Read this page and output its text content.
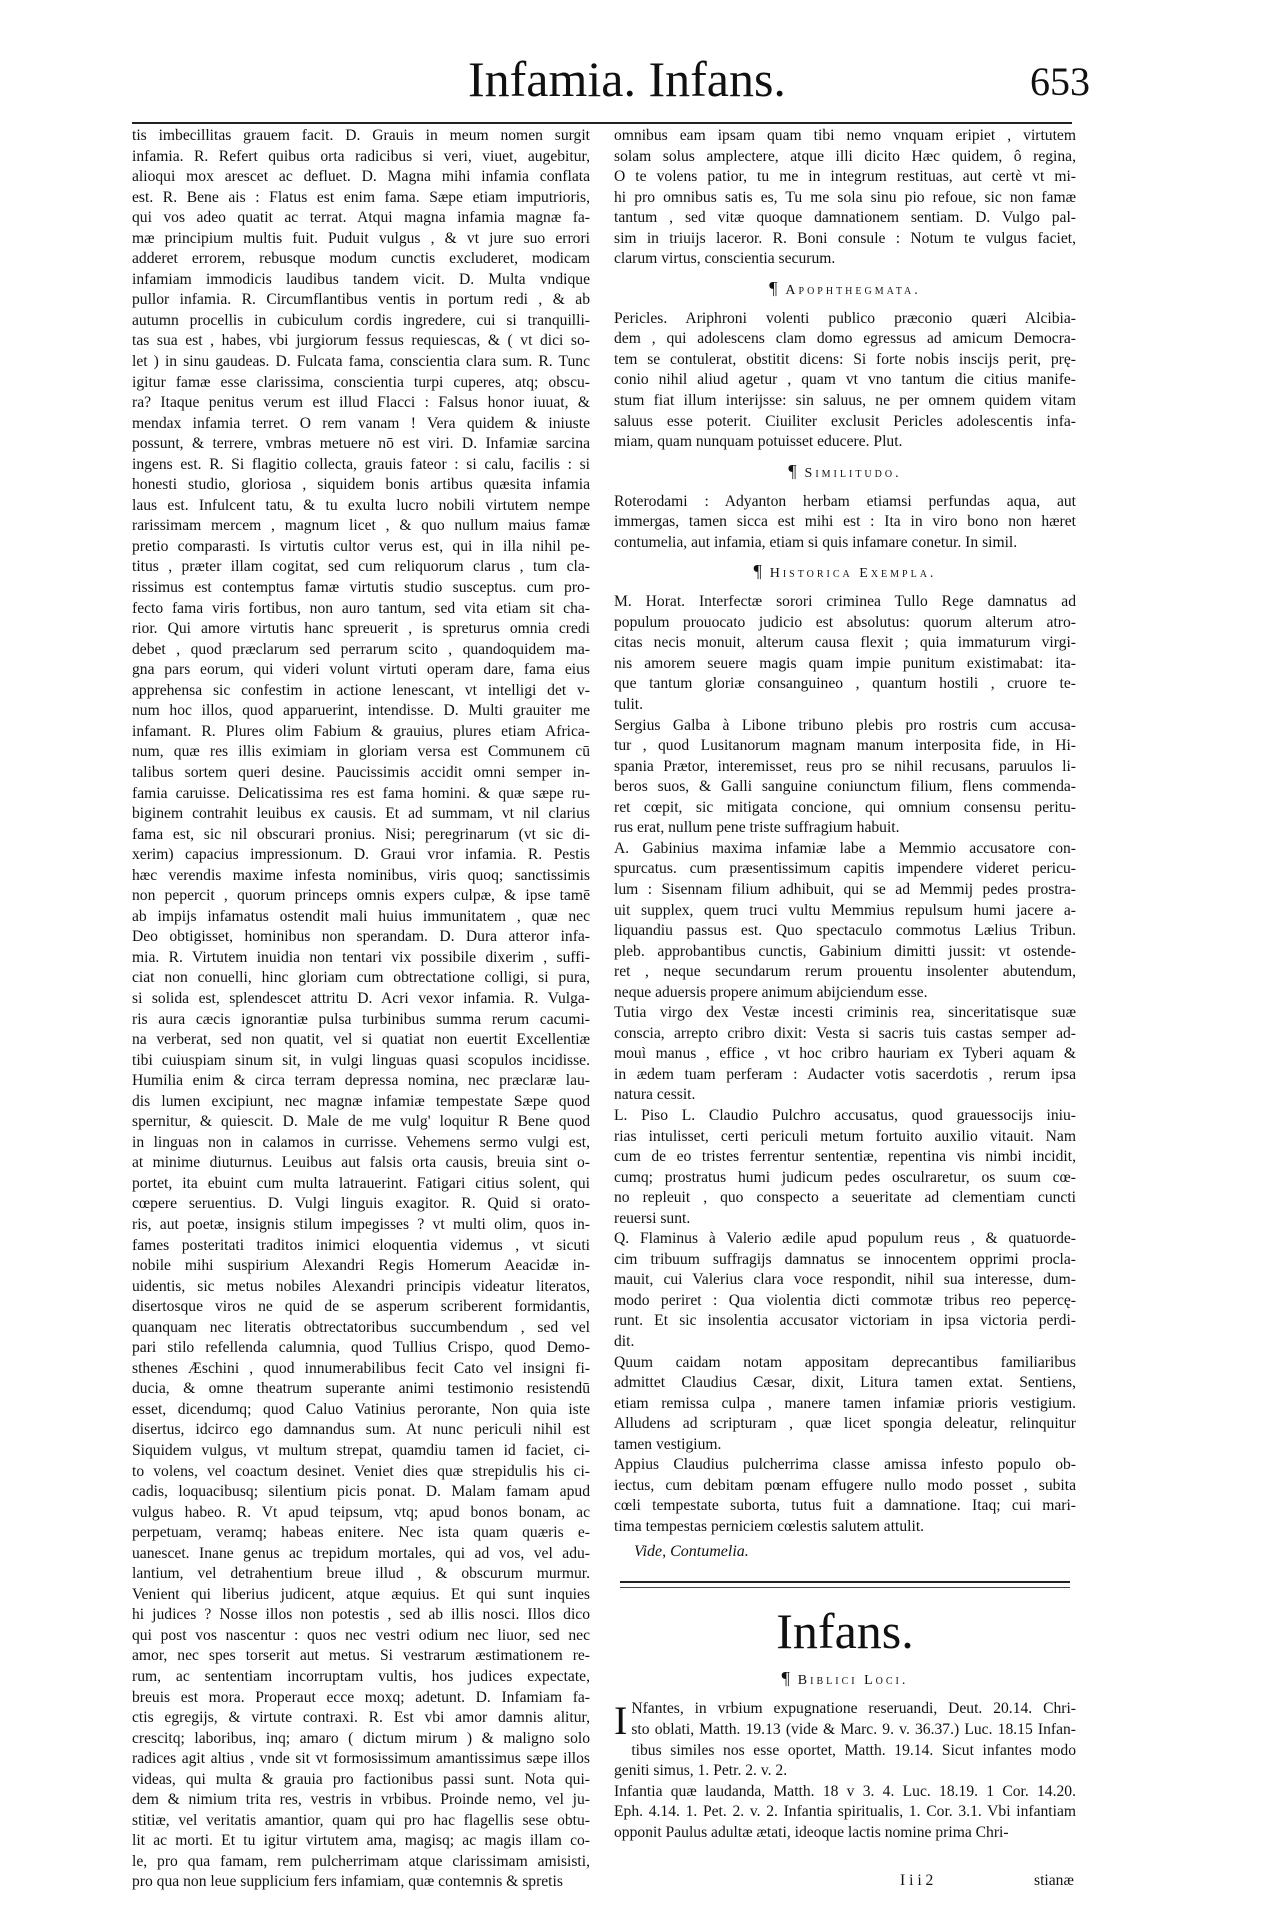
Infamia. Infans.	653
tis imbecillitas grauem facit. D. Grauis in meum nomen surgit
infamia. R. Refert quibus orta radicibus si veri, viuet, augebitur,
alioqui mox arescet ac defluet. D. Magna mihi infamia conflata
est. R. Bene ais : Flatus est enim fama. Sæpe etiam imputrioris,
qui vos adeo quatit ac terrat. Atqui magna infamia magnæ fa-
mæ principium multis fuit. Puduit vulgus , & vt jure suo errori
adderet errorem, rebusque modum cunctis excluderet, modicam
infamiam immodicis laudibus tandem vicit. D. Multa vndique
pullor infamia. R. Circumflantibus ventis in portum redi , & ab
autumn procellis in cubiculum cordis ingredere, cui si tranquilli-
tas sua est , habes, vbi jurgiorum fessus requiescas, & ( vt dici so-
let ) in sinu gaudeas. D. Fulcata fama, conscientia clara sum. R. Tunc
igitur famæ esse clarissima, conscientia turpi cuperes, atq; obscu-
ra? Itaque penitus verum est illud Flacci : Falsus honor iuuat, &
mendax infamia terret. O rem vanam ! Vera quidem & iniuste
possunt, & terrere, vmbras metuere nō est viri. D. Infamiæ sarcina
ingens est. R. Si flagitio collecta, grauis fateor : si calu, facilis : si
honesti studio, gloriosa , siquidem bonis artibus quæsita infamia
laus est. Infulcent tatu, & tu exulta lucro nobili virtutem nempe
rarissimam mercem , magnum licet , & quo nullum maius famæ
pretio comparasti. Is virtutis cultor verus est, qui in illa nihil pe-
titus , præter illam cogitat, sed cum reliquorum clarus , tum cla-
rissimus est contemptus famæ virtutis studio susceptus. cum pro-
fecto fama viris fortibus, non auro tantum, sed vita etiam sit cha-
rior. Qui amore virtutis hanc spreuerit , is spreturus omnia credi
debet , quod præclarum sed perrarum scito , quandoquidem ma-
gna pars eorum, qui videri volunt virtuti operam dare, fama eius
apprehensa sic confestim in actione lenescant, vt intelligi det v-
num hoc illos, quod apparuerint, intendisse. D. Multi grauiter me
infamant. R. Plures olim Fabium & grauius, plures etiam Africa-
num, quæ res illis eximiam in gloriam versa est Communem cū
talibus sortem queri desine. Paucissimis accidit omni semper in-
famia caruisse. Delicatissima res est fama homini. & quæ sæpe ru-
biginem contrahit leuibus ex causis. Et ad summam, vt nil clarius
fama est, sic nil obscurari pronius. Nisi; peregrinarum (vt sic di-
xerim) capacius impressionum. D. Graui vror infamia. R. Pestis
hæc verendis maxime infesta nominibus, viris quoq; sanctissimis
non pepercit , quorum princeps omnis expers culpæ, & ipse tamē
ab impijs infamatus ostendit mali huius immunitatem , quæ nec
Deo obtigisset, hominibus non sperandam. D. Dura atteror infa-
mia. R. Virtutem inuidia non tentari vix possibile dixerim , suffi-
ciat non conuelli, hinc gloriam cum obtrectatione colligi, si pura,
si solida est, splendescet attritu D. Acri vexor infamia. R. Vulga-
ris aura cæcis ignorantiæ pulsa turbinibus summa rerum cacumi-
na verberat, sed non quatit, vel si quatiat non euertit Excellentiæ
tibi cuiuspiam sinum sit, in vulgi linguas quasi scopulos incidisse.
Humilia enim & circa terram depressa nomina, nec præclaræ lau-
dis lumen excipiunt, nec magnæ infamiæ tempestate Sæpe quod
spernitur, & quiescit. D. Male de me vulg' loquitur R Bene quod
in linguas non in calamos in currisse. Vehemens sermo vulgi est,
at minime diuturnus. Leuibus aut falsis orta causis, breuia sint o-
portet, ita ebuint cum multa latrauerint. Fatigari citius solent, qui
cœpere seruentius. D. Vulgi linguis exagitor. R. Quid si orato-
ris, aut poetæ, insignis stilum impegisses ? vt multi olim, quos in-
fames posteritati traditos inimici eloquentia videmus , vt sicuti
nobile mihi suspirium Alexandri Regis Homerum Aeacidæ in-
uidentis, sic metus nobiles Alexandri principis videatur literatos,
disertosque viros ne quid de se asperum scriberent formidantis,
quanquam nec literatis obtrectatoribus succumbendum , sed vel
pari stilo refellenda calumnia, quod Tullius Crispo, quod Demo-
sthenes Æschini , quod innumerabilibus fecit Cato vel insigni fi-
ducia, & omne theatrum superante animi testimonio resistendū
esset, dicendumq; quod Caluo Vatinius perorante, Non quia iste
disertus, idcirco ego damnandus sum. At nunc periculi nihil est
Siquidem vulgus, vt multum strepat, quamdiu tamen id faciet, ci-
to volens, vel coactum desinet. Veniet dies quæ strepidulis his ci-
cadis, loquacibusq; silentium picis ponat. D. Malam famam apud
vulgus habeo. R. Vt apud teipsum, vtq; apud bonos bonam, ac
perpetuam, veramq; habeas enitere. Nec ista quam quæris e-
uanescet. Inane genus ac trepidum mortales, qui ad vos, vel adu-
lantium, vel detrahentium breue illud , & obscurum murmur.
Venient qui liberius judicent, atque æquius. Et qui sunt inquies
hi judices ? Nosse illos non potestis , sed ab illis nosci. Illos dico
qui post vos nascentur : quos nec vestri odium nec liuor, sed nec
amor, nec spes torserit aut metus. Si vestrarum æstimationem re-
rum, ac sententiam incorruptam vultis, hos judices expectate,
breuis est mora. Properaut ecce moxq; adetunt. D. Infamiam fa-
ctis egregijs, & virtute contraxi. R. Est vbi amor damnis alitur,
crescitq; laboribus, inq; amaro ( dictum mirum ) & maligno solo
radices agit altius , vnde sit vt formosissimum amantissimus sæpe illos
videas, qui multa & grauia pro factionibus passi sunt. Nota qui-
dem & nimium trita res, vestris in vrbibus. Proinde nemo, vel ju-
stitiæ, vel veritatis amantior, quam qui pro hac flagellis sese obtu-
lit ac morti. Et tu igitur virtutem ama, magisq; ac magis illam co-
le, pro qua famam, rem pulcherrimam atque clarissimam amisisti,
pro qua non leue supplicium fers infamiam, quæ contemnis & spretis
omnibus eam ipsam quam tibi nemo vnquam eripiet , virtutem
solam solus amplectere, atque illi dicito Hæc quidem, ô regina,
O te volens patior, tu me in integrum restituas, aut certè vt mi-
hi pro omnibus satis es, Tu me sola sinu pio refoue, sic non famæ
tantum , sed vitæ quoque damnationem sentiam. D. Vulgo pal-
sim in triuijs laceror. R. Boni consule : Notum te vulgus faciet,
clarum virtus, conscientia securum.
¶ Apophthegmata.
Pericles. Ariphroni volenti publico præconio quæri Alcibia-
dem , qui adolescens clam domo egressus ad amicum Democra-
tem se contulerat, obstitit dicens: Si forte nobis inscijs perit, prę-
conio nihil aliud agetur , quam vt vno tantum die citius manife-
stum fiat illum interijsse: sin saluus, ne per omnem quidem vitam
saluus esse poterit. Ciuiliter exclusit Pericles adolescentis infa-
miam, quam nunquam potuisset educere. Plut.
¶ Similitudo.
Roterodami : Adyanton herbam etiamsi perfundas aqua, aut
immergas, tamen sicca est mihi est : Ita in viro bono non hæret
contumelia, aut infamia, etiam si quis infamare conetur. In simil.
¶ Historica Exempla.
M. Horat. Interfectæ sorori criminea Tullo Rege damnatus ad
populum prouocato judicio est absolutus: quorum alterum atro-
citas necis monuit, alterum causa flexit ; quia immaturum virgi-
nis amorem seuere magis quam impie punitum existimabat: ita-
que tantum gloriæ consanguineo , quantum hostili , cruore te-
tulit.
Sergius Galba à Libone tribuno plebis pro rostris cum accusa-
tur , quod Lusitanorum magnam manum interposita fide, in Hi-
spania Prætor, interemisset, reus pro se nihil recusans, paruulos li-
beros suos, & Galli sanguine coniunctum filium, flens commenda-
ret cœpit, sic mitigata concione, qui omnium consensu peritu-
rus erat, nullum pene triste suffragium habuit.
A. Gabinius maxima infamiæ labe a Memmio accusatore con-
spurcatus. cum præsentissimum capitis impendere videret pericu-
lum : Sisennam filium adhibuit, qui se ad Memmij pedes prostra-
uit supplex, quem truci vultu Memmius repulsum humi jacere a-
liquandiu passus est. Quo spectaculo commotus Lælius Tribun.
pleb. approbantibus cunctis, Gabinium dimitti jussit: vt ostende-
ret , neque secundarum rerum prouentu insolenter abutendum,
neque aduersis propere animum abijciendum esse.
Tutia virgo dex Vestæ incesti criminis rea, sinceritatisque suæ
conscia, arrepto cribro dixit: Vesta si sacris tuis castas semper ad-
mouì manus , effice , vt hoc cribro hauriam ex Tyberi aquam &
in ædem tuam perferam : Audacter votis sacerdotis , rerum ipsa
natura cessit.
L. Piso L. Claudio Pulchro accusatus, quod grauessocijs iniu-
rias intulisset, certi periculi metum fortuito auxilio vitauit. Nam
cum de eo tristes ferrentur sententiæ, repentina vis nimbi incidit,
cumq; prostratus humi judicum pedes osculraretur, os suum cœ-
no repleuit , quo conspecto a seueritate ad clementiam cuncti
reuersi sunt.
Q. Flaminus à Valerio ædile apud populum reus , & quatuorde-
cim tribuum suffragijs damnatus se innocentem opprimi procla-
mauit, cui Valerius clara voce respondit, nihil sua interesse, dum-
modo periret : Qua violentia dicti commotæ tribus reo pepercę-
runt. Et sic insolentia accusator victoriam in ipsa victoria perdi-
dit.
Quum caidam notam appositam deprecantibus familiaribus
admittet Claudius Cæsar, dixit, Litura tamen extat. Sentiens,
etiam remissa culpa , manere tamen infamiæ prioris vestigium.
Alludens ad scripturam , quæ licet spongia deleatur, relinquitur
tamen vestigium.
Appius Claudius pulcherrima classe amissa infesto populo ob-
iectus, cum debitam pœnam effugere nullo modo posset , subita
cœli tempestate suborta, tutus fuit a damnatione. Itaq; cui mari-
tima tempestas perniciem cœlestis salutem attulit.
Vide, Contumelia.
Infans.
¶ Biblici Loci.
I Nfantes, in vrbium expugnatione reseruandi, Deut. 20.14. Chri-
sto oblati, Matth. 19.13 (vide & Marc. 9. v. 36.37.) Luc. 18.15 Infan-
tibus similes nos esse oportet, Matth. 19.14. Sicut infantes modo
geniti simus, 1. Petr. 2. v. 2.
Infantia quæ laudanda, Matth. 18 v 3. 4. Luc. 18.19. 1 Cor. 14.20.
Eph. 4.14. 1. Pet. 2. v. 2. Infantia spiritualis, 1. Cor. 3.1. Vbi infantiam
opponit Paulus adultæ ætati, ideoque lactis nomine prima Chri-
I i i 2	stianæ
